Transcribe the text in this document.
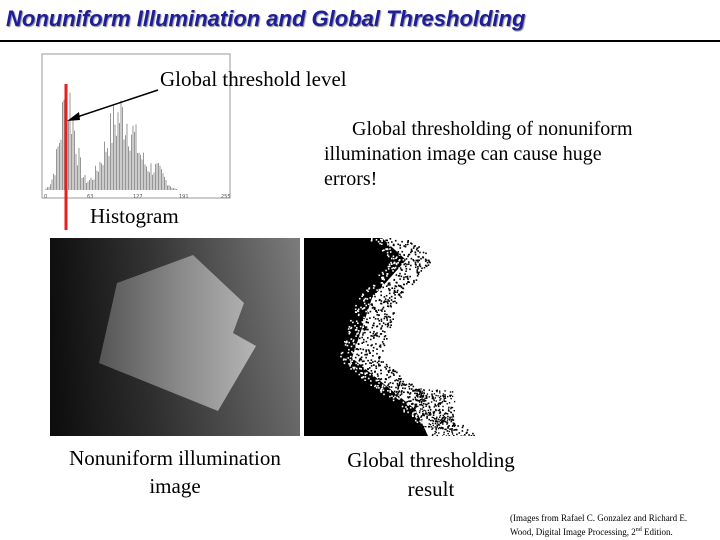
Nonuniform Illumination and Global Thresholding
0	63	127	191	255
Global threshold level
Histogram
Global thresholding of nonuniform
illumination image can cause huge
errors!
Nonuniform illumination
image
Global thresholding
result
(Images from Rafael C. Gonzalez and Richard E.
Wood, Digital Image Processing, 2nd Edition.
